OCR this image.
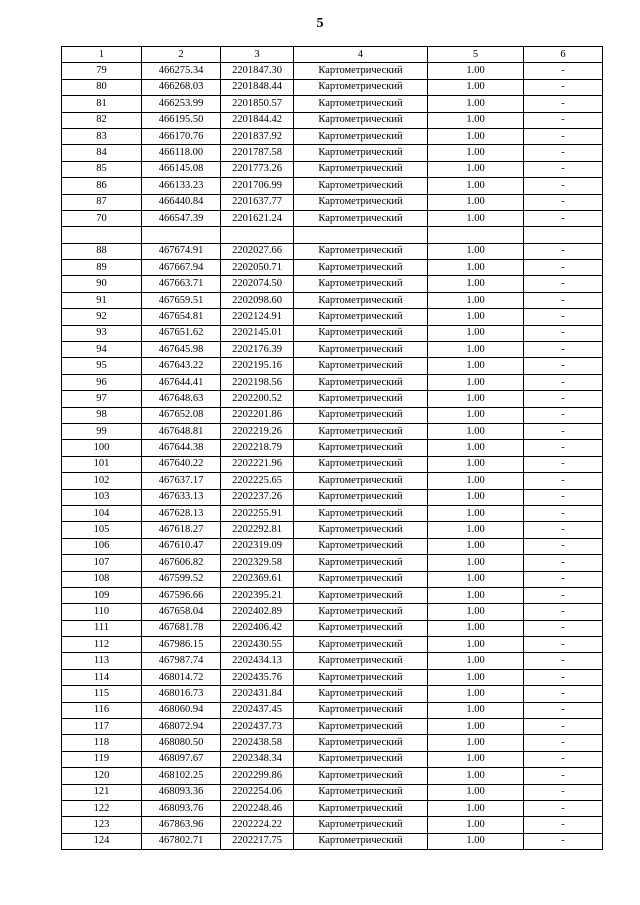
5
1	2	3	4	5	6
79	466275.34	2201847.30	Картометрический	1.00	-
80	466268.03	2201848.44	Картометрический	1.00	-
81	466253.99	2201850.57	Картометрический	1.00	-
82	466195.50	2201844.42	Картометрический	1.00	-
83	466170.76	2201837.92	Картометрический	1.00	-
84	466118.00	2201787.58	Картометрический	1.00	-
85	466145.08	2201773.26	Картометрический	1.00	-
86	466133.23	2201706.99	Картометрический	1.00	-
87	466440.84	2201637.77	Картометрический	1.00	-
70	466547.39	2201621.24	Картометрический	1.00	-

88	467674.91	2202027.66	Картометрический	1.00	-
89	467667.94	2202050.71	Картометрический	1.00	-
90	467663.71	2202074.50	Картометрический	1.00	-
91	467659.51	2202098.60	Картометрический	1.00	-
92	467654.81	2202124.91	Картометрический	1.00	-
93	467651.62	2202145.01	Картометрический	1.00	-
94	467645.98	2202176.39	Картометрический	1.00	-
95	467643.22	2202195.16	Картометрический	1.00	-
96	467644.41	2202198.56	Картометрический	1.00	-
97	467648.63	2202200.52	Картометрический	1.00	-
98	467652.08	2202201.86	Картометрический	1.00	-
99	467648.81	2202219.26	Картометрический	1.00	-
100	467644.38	2202218.79	Картометрический	1.00	-
101	467640.22	2202221.96	Картометрический	1.00	-
102	467637.17	2202225.65	Картометрический	1.00	-
103	467633.13	2202237.26	Картометрический	1.00	-
104	467628.13	2202255.91	Картометрический	1.00	-
105	467618.27	2202292.81	Картометрический	1.00	-
106	467610.47	2202319.09	Картометрический	1.00	-
107	467606.82	2202329.58	Картометрический	1.00	-
108	467599.52	2202369.61	Картометрический	1.00	-
109	467596.66	2202395.21	Картометрический	1.00	-
110	467658.04	2202402.89	Картометрический	1.00	-
111	467681.78	2202406.42	Картометрический	1.00	-
112	467986.15	2202430.55	Картометрический	1.00	-
113	467987.74	2202434.13	Картометрический	1.00	-
114	468014.72	2202435.76	Картометрический	1.00	-
115	468016.73	2202431.84	Картометрический	1.00	-
116	468060.94	2202437.45	Картометрический	1.00	-
117	468072.94	2202437.73	Картометрический	1.00	-
118	468080.50	2202438.58	Картометрический	1.00	-
119	468097.67	2202348.34	Картометрический	1.00	-
120	468102.25	2202299.86	Картометрический	1.00	-
121	468093.36	2202254.06	Картометрический	1.00	-
122	468093.76	2202248.46	Картометрический	1.00	-
123	467863.96	2202224.22	Картометрический	1.00	-
124	467802.71	2202217.75	Картометрический	1.00	-
